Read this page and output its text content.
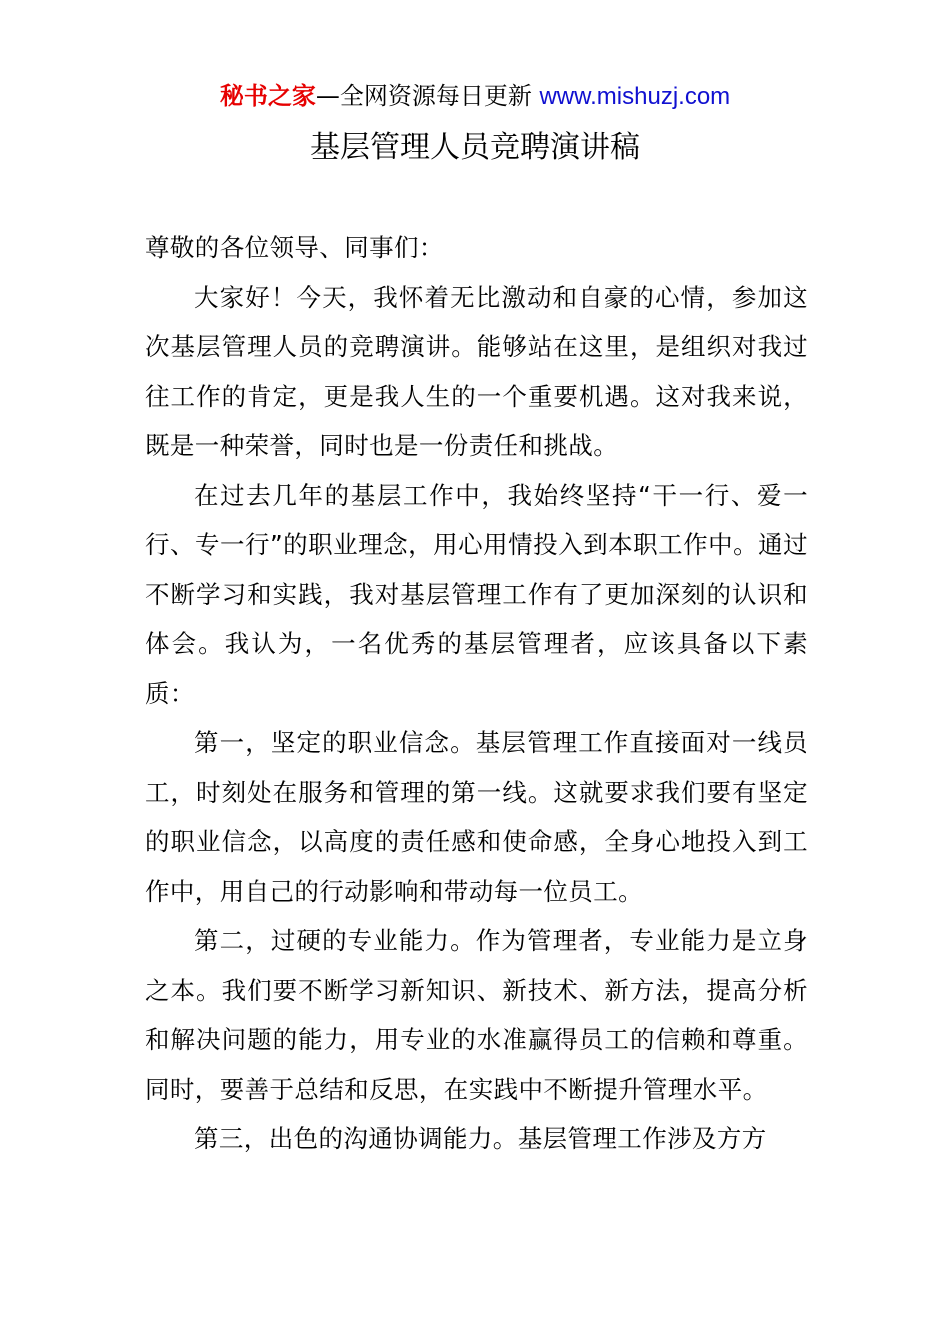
秘书之家—全网资源每日更新 www.mishuzj.com
基层管理人员竞聘演讲稿

尊敬的各位领导、同事们：

大家好！今天，我怀着无比激动和自豪的心情，参加这次基层管理人员的竞聘演讲。能够站在这里，是组织对我过往工作的肯定，更是我人生的一个重要机遇。这对我来说，既是一种荣誉，同时也是一份责任和挑战。

在过去几年的基层工作中，我始终坚持“干一行、爱一行、专一行”的职业理念，用心用情投入到本职工作中。通过不断学习和实践，我对基层管理工作有了更加深刻的认识和体会。我认为，一名优秀的基层管理者，应该具备以下素质：

第一，坚定的职业信念。基层管理工作直接面对一线员工，时刻处在服务和管理的第一线。这就要求我们要有坚定的职业信念，以高度的责任感和使命感，全身心地投入到工作中，用自己的行动影响和带动每一位员工。

第二，过硬的专业能力。作为管理者，专业能力是立身之本。我们要不断学习新知识、新技术、新方法，提高分析和解决问题的能力，用专业的水准赢得员工的信赖和尊重。同时，要善于总结和反思，在实践中不断提升管理水平。

第三，出色的沟通协调能力。基层管理工作涉及方方
